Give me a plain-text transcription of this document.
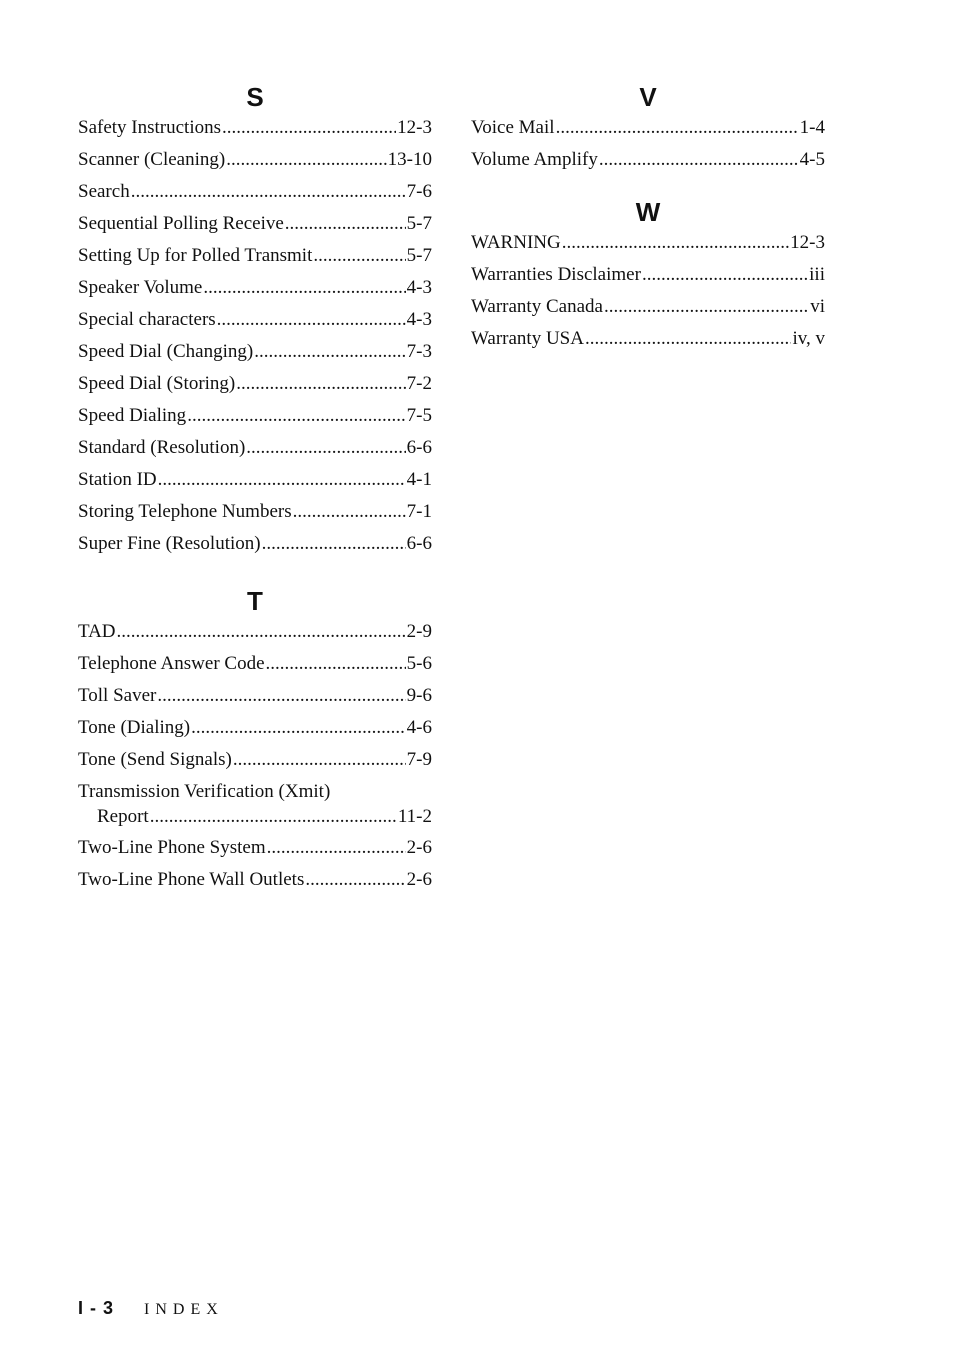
S
Safety Instructions .....	12-3
Scanner (Cleaning) .....	13-10
Search .....	7-6
Sequential Polling Receive .....	5-7
Setting Up for Polled Transmit .....	5-7
Speaker Volume .....	4-3
Special characters .....	4-3
Speed Dial (Changing) .....	7-3
Speed Dial (Storing) .....	7-2
Speed Dialing .....	7-5
Standard (Resolution) .....	6-6
Station ID .....	4-1
Storing Telephone Numbers .....	7-1
Super Fine (Resolution) .....	6-6
T
TAD .....	2-9
Telephone Answer Code .....	5-6
Toll Saver .....	9-6
Tone (Dialing) .....	4-6
Tone (Send Signals) .....	7-9
Transmission Verification (Xmit)
Report .....	11-2
Two-Line Phone System .....	2-6
Two-Line Phone Wall Outlets .....	2-6
V
Voice Mail .....	1-4
Volume Amplify .....	4-5
W
WARNING .....	12-3
Warranties Disclaimer .....	iii
Warranty Canada .....	vi
Warranty USA .....	iv, v
I - 3 INDEX
